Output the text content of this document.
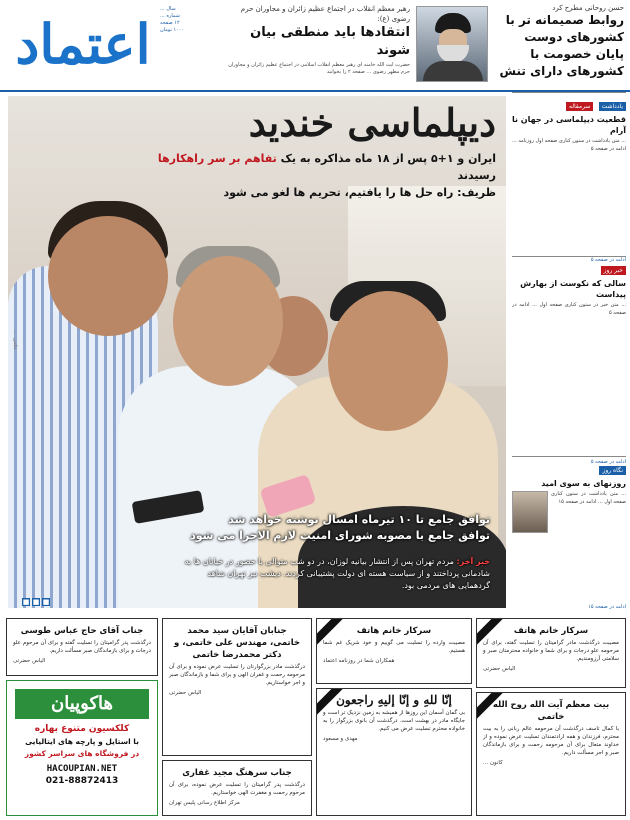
اعتماد
سال ...
شماره ...
۱۲ صفحه
۱۰۰۰ تومان
رهبر معظم انقلاب در اجتماع عظیم زائران و مجاوران حرم رضوی (ع):
انتقادها باید منطقی بیان شوند
حضرت آیت الله خامنه ای رهبر معظم انقلاب اسلامی در اجتماع عظیم زائران و مجاوران حرم مطهر رضوی ... صفحه ۲ را بخوانید
حسن روحانی مطرح کرد
روابط صمیمانه تر با کشورهای دوست پایان خصومت با کشورهای دارای تنش
دیپلماسی خندید
ایران و ۱+۵ پس از ۱۸ ماه مذاکره به یک تفاهم بر سر راهکارها رسیدند
ظریف: راه حل ها را یافتیم، تحریم ها لغو می شود
عکس: ...
توافق جامع تا ۱۰ تیرماه امسال نوشته خواهد شد
توافق جامع با مصوبه شورای امنیت لازم الاجرا می شود
خبر آخر: مردم تهران پس از انتشار بیانیه لوزان، در دو شب متوالی با حضور در خیابان ها به شادمانی پرداختند و از سیاست هسته ای دولت پشتیبانی کردند. دیشب نیز تهران شاهد گردهمایی های مردمی بود.
■
■
■
یادداشت سرمقاله
قطعیت دیپلماسی در جهان نا آرام
... متن یادداشت در ستون کناری صفحه اول روزنامه ... ادامه در صفحه ۵
ادامه در صفحه ۵
خبر روز
سالی که نکوست از بهارش پیداست
... متن خبر در ستون کناری صفحه اول ... ادامه در صفحه ۵
ادامه در صفحه ۵
نگاه روز
روزنهای به سوی امید
... متن یادداشت در ستون کناری صفحه اول ... ادامه در صفحه ۱۵
ادامه در صفحه ۱۵
جناب آقای حاج عباس طوسی
درگذشت پدر گرامیتان را تسلیت گفته و برای آن مرحوم علو درجات و برای بازماندگان صبر مسألت داریم.
الیاس حضرتی
هاکوپیان
کلکسیون متنوع بهاره
با استایل و پارچه های ایتالیایی
در فروشگاه های سراسر کشور
HACOUPIAN.NET
021-88872413
جنابان آقایان سید محمد خاتمی، مهندس علی خاتمی، و دکتر محمدرضا خاتمی
درگذشت مادر بزرگوارتان را تسلیت عرض نموده و برای آن مرحومه رحمت و غفران الهی و برای شما و بازماندگان صبر و اجر خواستاریم.
الیاس حضرتی
جناب سرهنگ مجید غفاری
درگذشت پدر گرامیتان را تسلیت عرض نموده، برای آن مرحوم رحمت و مغفرت الهی خواستاریم.
مرکز اطلاع رسانی پلیس تهران
سرکار خانم هاتف
مصیبت وارده را تسلیت می گوییم و خود شریک غم شما هستیم.
همکاران شما در روزنامه اعتماد
إنّا للهِ و إنّا إلیهِ راجعون
بی گمان آسمان این روزها از همیشه به زمین نزدیک تر است و جایگاه مادر در بهشت است. درگذشت آن بانوی بزرگوار را به خانواده محترم تسلیت عرض می کنیم.
مهدی و مسعود
سرکار خانم هاتف
مصیبت درگذشت مادر گرامیتان را تسلیت گفته، برای آن مرحومه علو درجات و برای شما و خانواده محترمتان صبر و سلامتی آرزومندیم.
الیاس حضرتی
بیت معظم آیت الله روح الله خاتمی
با کمال تاسف درگذشت آن مرحومه عالم ربانی را به بیت محترم، فرزندان و همه ارادتمندان تسلیت عرض نموده و از خداوند متعال برای آن مرحومه رحمت و برای بازماندگان صبر و اجر مسألت داریم.
کانون ...
